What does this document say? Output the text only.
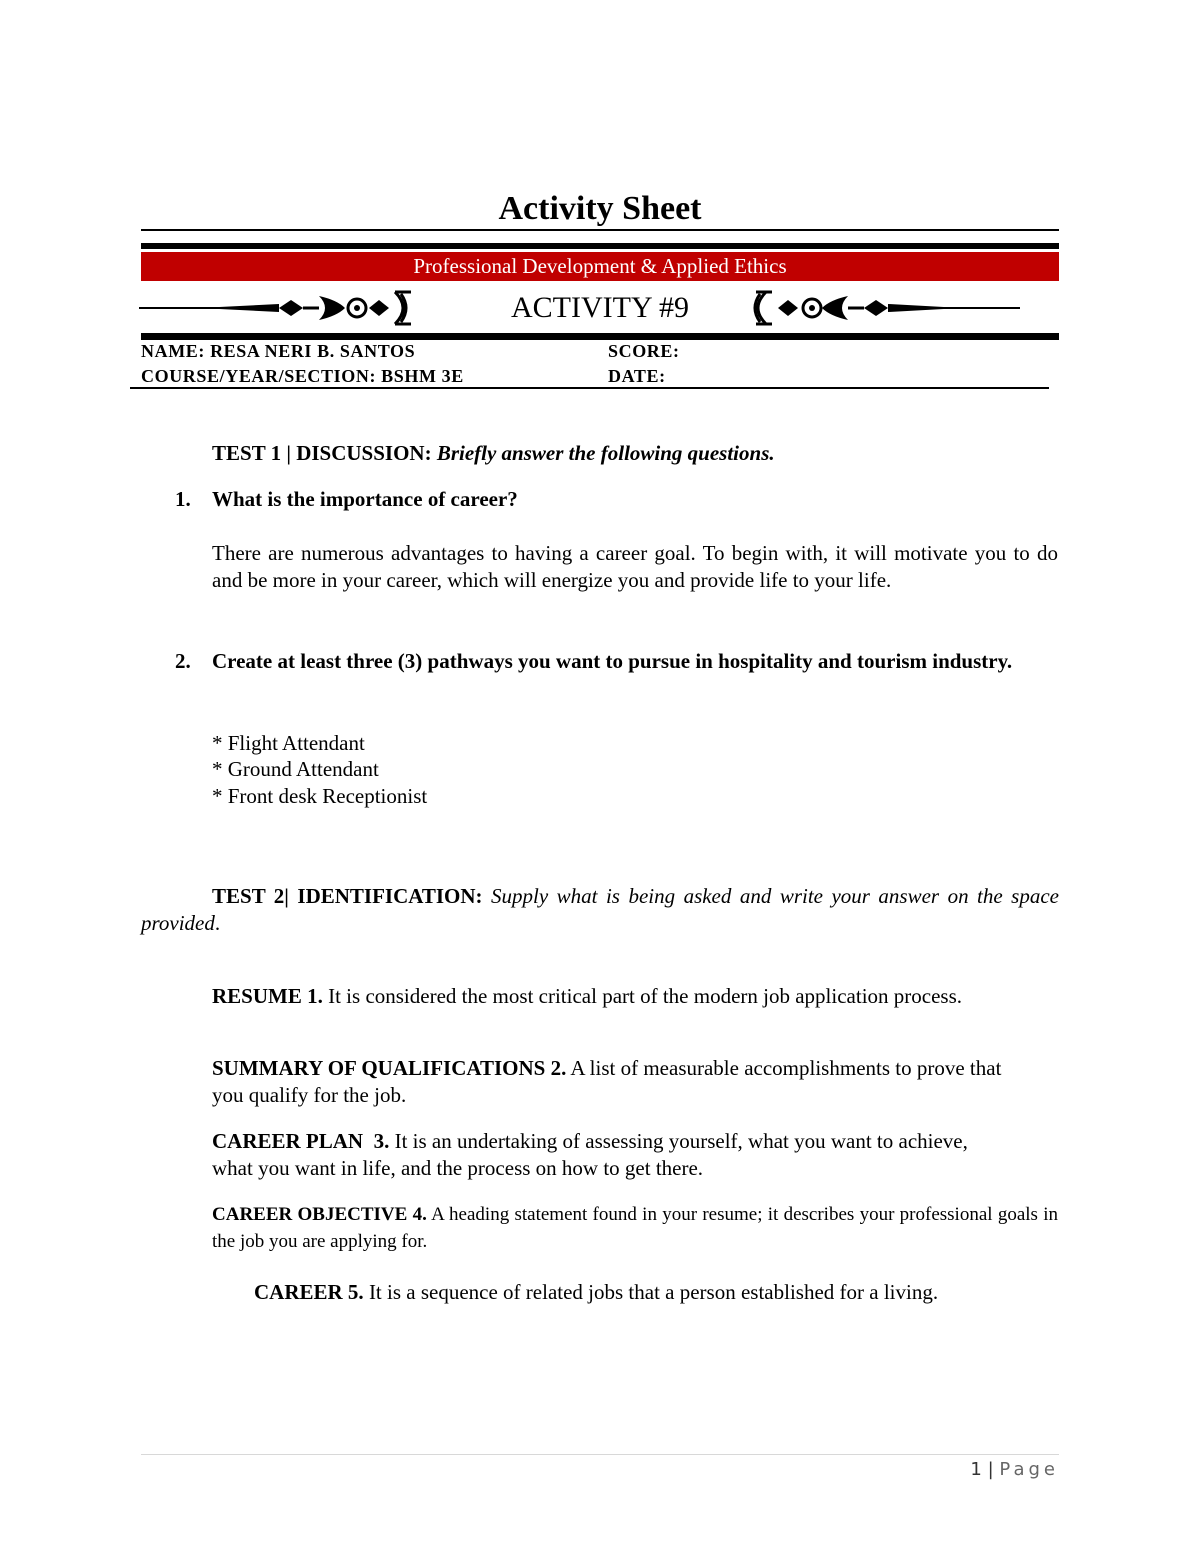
Activity Sheet
Professional Development & Applied Ethics
ACTIVITY #9
NAME: RESA NERI B. SANTOS	SCORE:
COURSE/YEAR/SECTION: BSHM 3E	DATE:
TEST 1 | DISCUSSION: Briefly answer the following questions.
1. What is the importance of career?
There are numerous advantages to having a career goal. To begin with, it will motivate you to do and be more in your career, which will energize you and provide life to your life.
2. Create at least three (3) pathways you want to pursue in hospitality and tourism industry.
* Flight Attendant
* Ground Attendant
* Front desk Receptionist
TEST 2| IDENTIFICATION: Supply what is being asked and write your answer on the space provided.
RESUME 1. It is considered the most critical part of the modern job application process.
SUMMARY OF QUALIFICATIONS 2. A list of measurable accomplishments to prove that you qualify for the job.
CAREER PLAN  3. It is an undertaking of assessing yourself, what you want to achieve, what you want in life, and the process on how to get there.
CAREER OBJECTIVE 4. A heading statement found in your resume; it describes your professional goals in the job you are applying for.
CAREER 5. It is a sequence of related jobs that a person established for a living.
1 | Page
